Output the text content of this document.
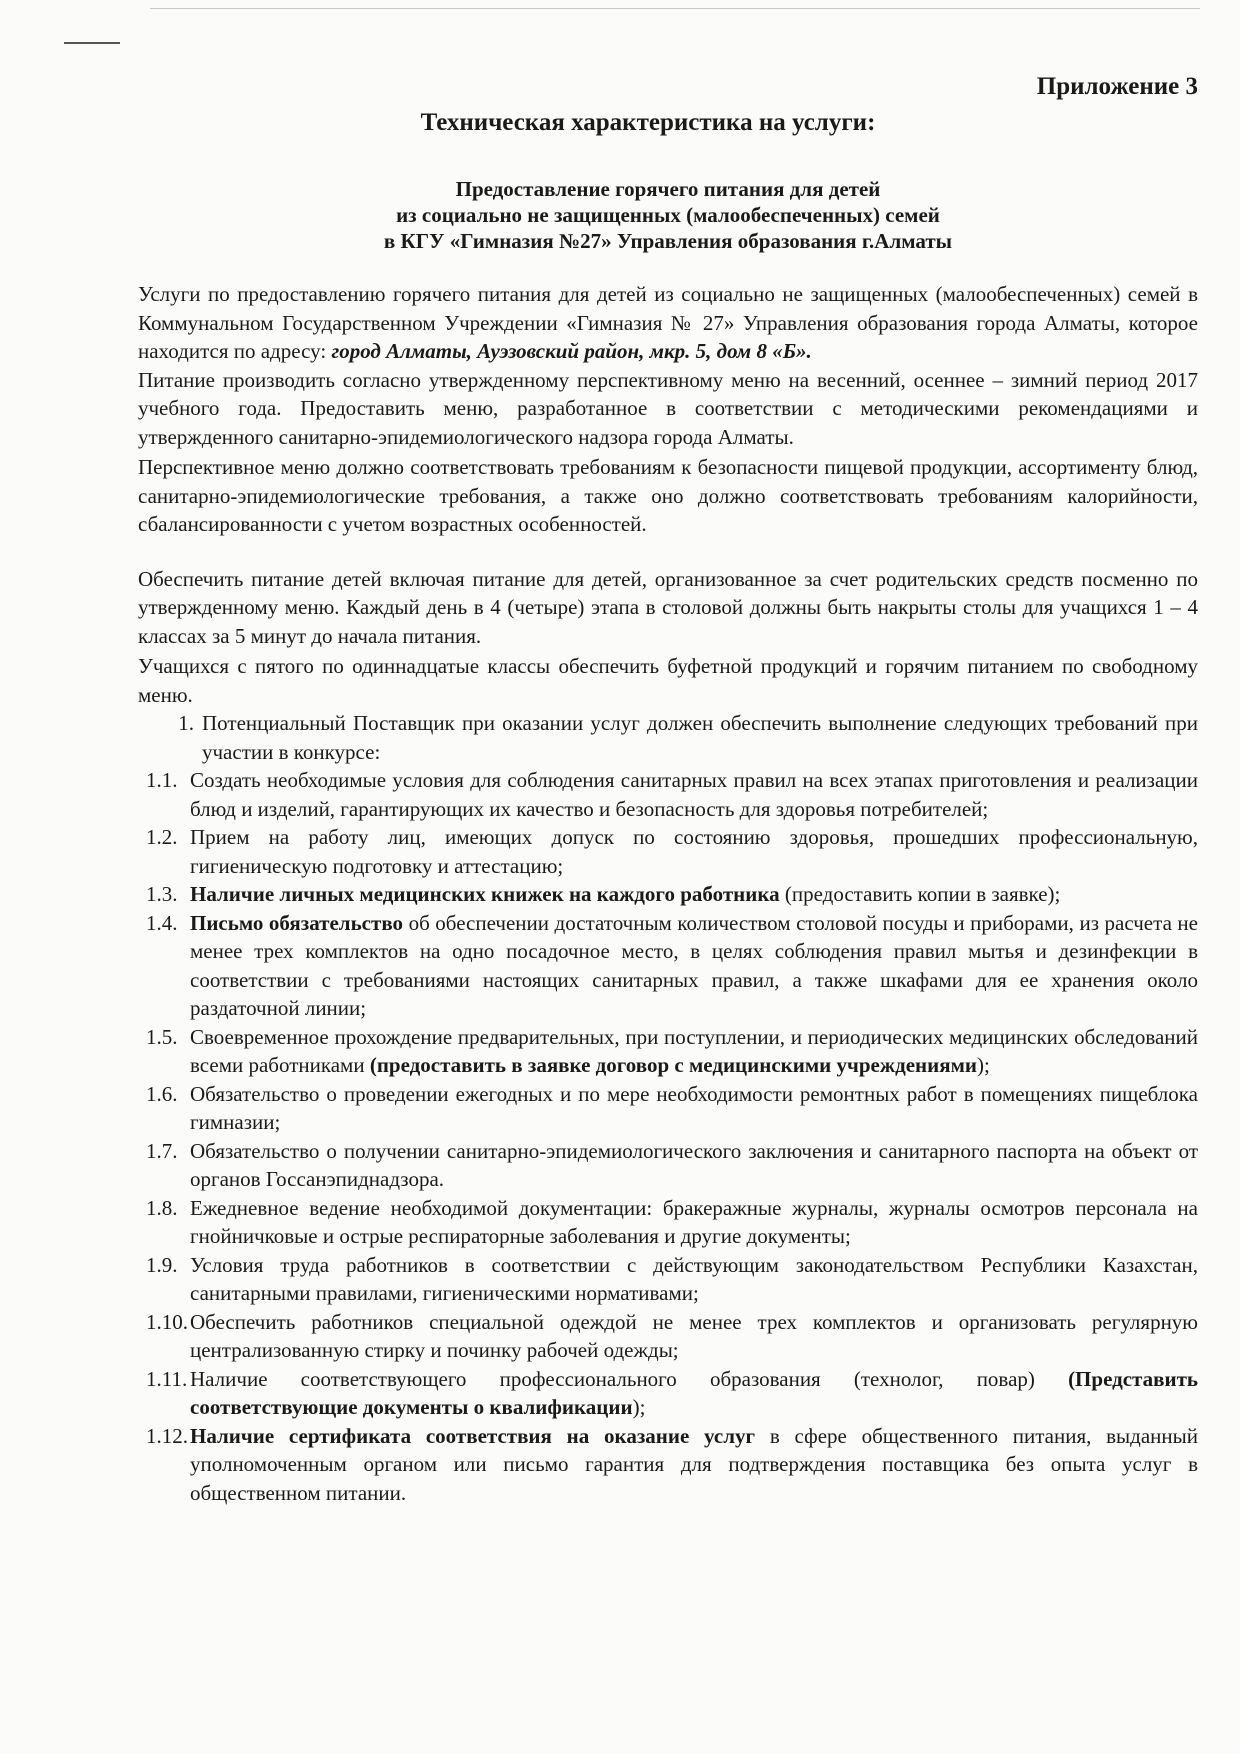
Приложение 3
Техническая характеристика на услуги:
Предоставление горячего питания для детей
из социально не защищенных (малообеспеченных) семей
в КГУ «Гимназия №27» Управления образования г.Алматы

Услуги по предоставлению горячего питания для детей из социально не защищенных (малообеспеченных) семей в Коммунальном Государственном Учреждении «Гимназия № 27» Управления образования города Алматы, которое находится по адресу: город Алматы, Ауэзовский район, мкр. 5, дом 8 «Б».

Питание производить согласно утвержденному перспективному меню на весенний, осеннее – зимний период 2017 учебного года. Предоставить меню, разработанное в соответствии с методическими рекомендациями и утвержденного санитарно-эпидемиологического надзора города Алматы.

Перспективное меню должно соответствовать требованиям к безопасности пищевой продукции, ассортименту блюд, санитарно-эпидемиологические требования, а также оно должно соответствовать требованиям калорийности, сбалансированности с учетом возрастных особенностей.

Обеспечить питание детей включая питание для детей, организованное за счет родительских средств посменно по утвержденному меню. Каждый день в 4 (четыре) этапа в столовой должны быть накрыты столы для учащихся 1 – 4 классах за 5 минут до начала питания.

Учащихся с пятого по одиннадцатые классы обеспечить буфетной продукций и горячим питанием по свободному меню.

1. Потенциальный Поставщик при оказании услуг должен обеспечить выполнение следующих требований при участии в конкурсе:
1.1. Создать необходимые условия для соблюдения санитарных правил на всех этапах приготовления и реализации блюд и изделий, гарантирующих их качество и безопасность для здоровья потребителей;
1.2. Прием на работу лиц, имеющих допуск по состоянию здоровья, прошедших профессиональную, гигиеническую подготовку и аттестацию;
1.3. Наличие личных медицинских книжек на каждого работника (предоставить копии в заявке);
1.4. Письмо обязательство об обеспечении достаточным количеством столовой посуды и приборами, из расчета не менее трех комплектов на одно посадочное место, в целях соблюдения правил мытья и дезинфекции в соответствии с требованиями настоящих санитарных правил, а также шкафами для ее хранения около раздаточной линии;
1.5. Своевременное прохождение предварительных, при поступлении, и периодических медицинских обследований всеми работниками (предоставить в заявке договор с медицинскими учреждениями);
1.6. Обязательство о проведении ежегодных и по мере необходимости ремонтных работ в помещениях пищеблока гимназии;
1.7. Обязательство о получении санитарно-эпидемиологического заключения и санитарного паспорта на объект от органов Госсанэпиднадзора.
1.8. Ежедневное ведение необходимой документации: бракеражные журналы, журналы осмотров персонала на гнойничковые и острые респираторные заболевания и другие документы;
1.9. Условия труда работников в соответствии с действующим законодательством Республики Казахстан, санитарными правилами, гигиеническими нормативами;
1.10. Обеспечить работников специальной одеждой не менее трех комплектов и организовать регулярную централизованную стирку и починку рабочей одежды;
1.11. Наличие соответствующего профессионального образования (технолог, повар) (Представить соответствующие документы о квалификации);
1.12. Наличие сертификата соответствия на оказание услуг в сфере общественного питания, выданный уполномоченным органом или письмо гарантия для подтверждения поставщика без опыта услуг в общественном питании.
